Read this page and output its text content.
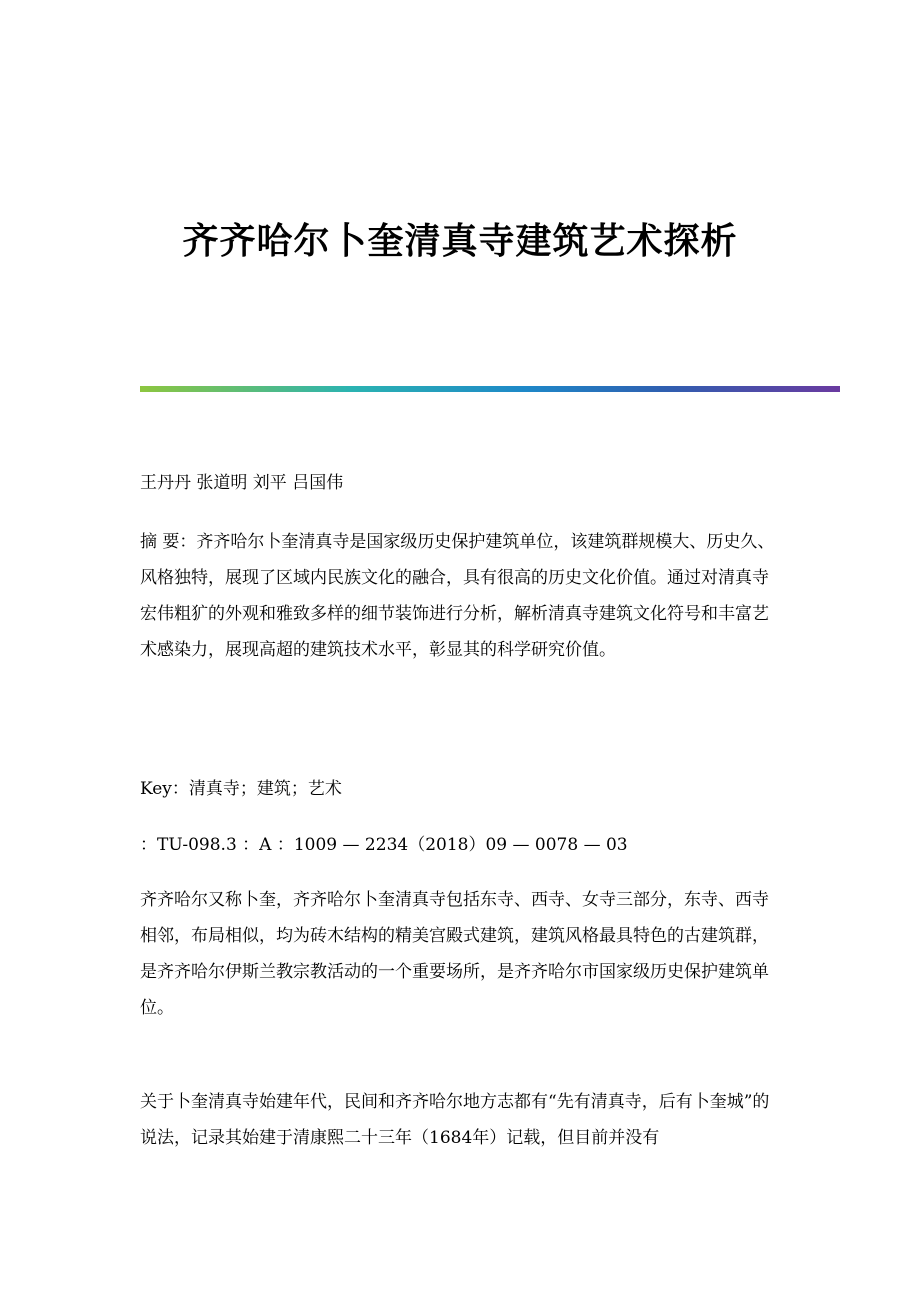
齐齐哈尔卜奎清真寺建筑艺术探析

王丹丹 张道明 刘平 吕国伟

摘 要：齐齐哈尔卜奎清真寺是国家级历史保护建筑单位，该建筑群规模大、历史久、风格独特，展现了区域内民族文化的融合，具有很高的历史文化价值。通过对清真寺宏伟粗犷的外观和雅致多样的细节装饰进行分析，解析清真寺建筑文化符号和丰富艺术感染力，展现高超的建筑技术水平，彰显其的科学研究价值。

Key：清真寺；建筑；艺术

：TU-098.3 ：A ：1009 — 2234（2018）09 — 0078 — 03

齐齐哈尔又称卜奎，齐齐哈尔卜奎清真寺包括东寺、西寺、女寺三部分，东寺、西寺相邻，布局相似，均为砖木结构的精美宫殿式建筑，建筑风格最具特色的古建筑群，是齐齐哈尔伊斯兰教宗教活动的一个重要场所，是齐齐哈尔市国家级历史保护建筑单位。

关于卜奎清真寺始建年代，民间和齐齐哈尔地方志都有“先有清真寺，后有卜奎城”的说法，记录其始建于清康熙二十三年（1684年）记载，但目前并没有
